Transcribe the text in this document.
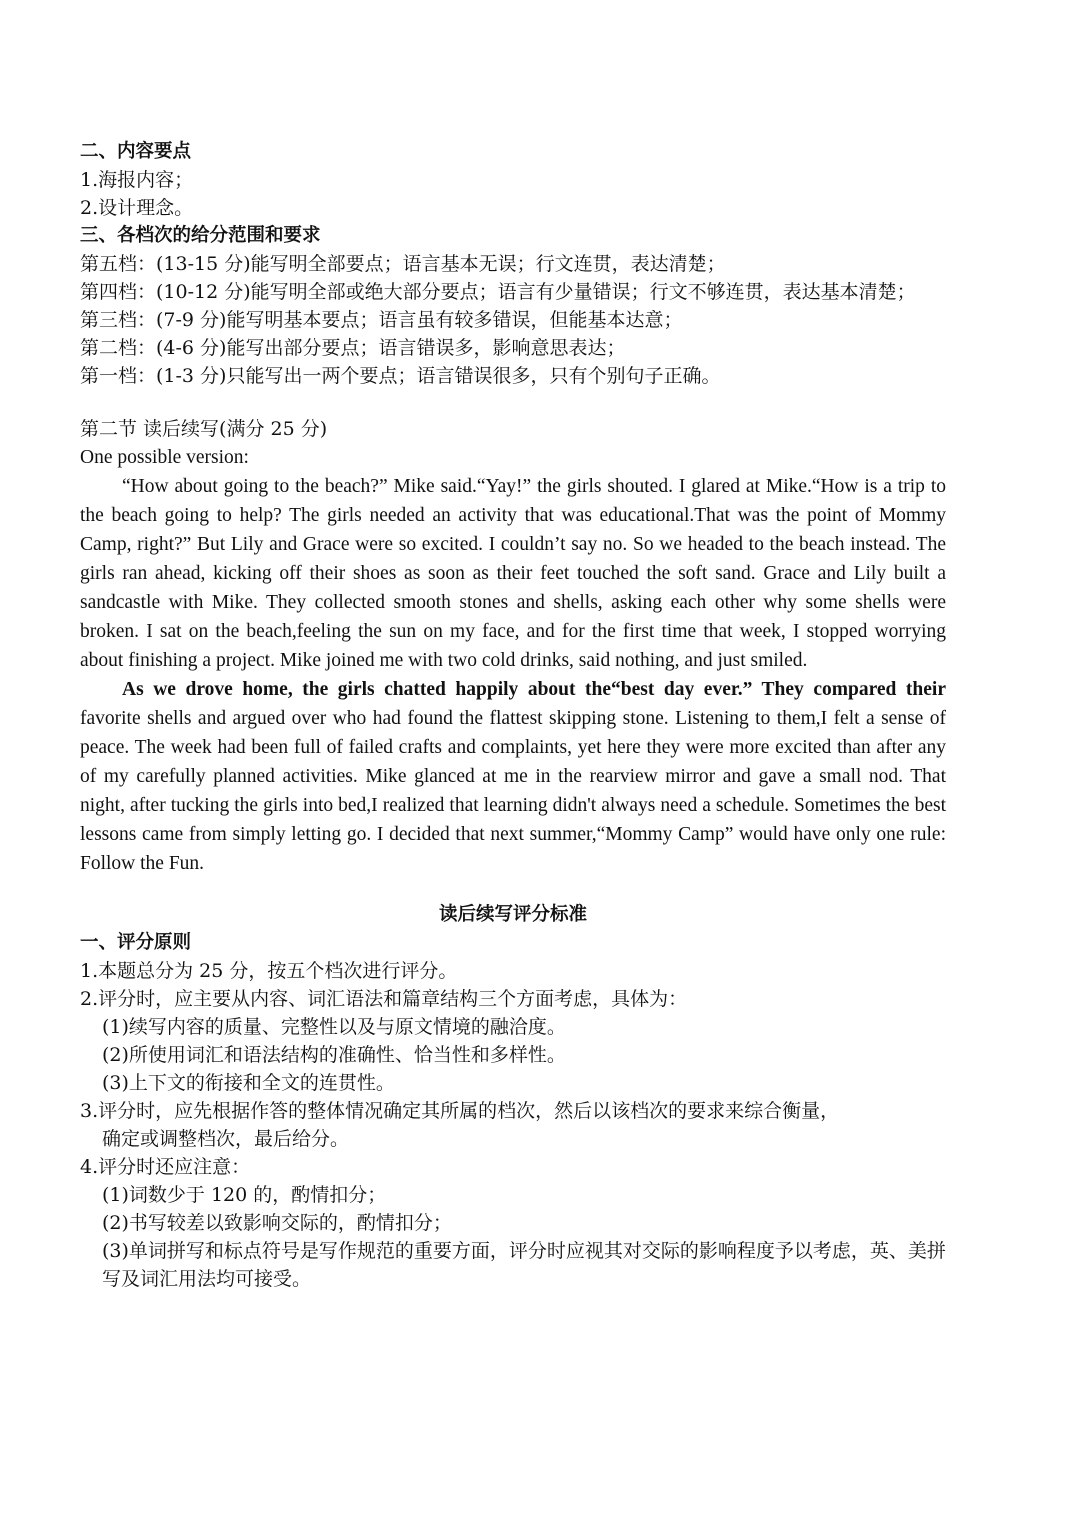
二、内容要点
1.海报内容；
2.设计理念。
三、各档次的给分范围和要求
第五档：(13-15 分)能写明全部要点；语言基本无误；行文连贯，表达清楚；
第四档：(10-12 分)能写明全部或绝大部分要点；语言有少量错误；行文不够连贯，表达基本清楚；
第三档：(7-9 分)能写明基本要点；语言虽有较多错误，但能基本达意；
第二档：(4-6 分)能写出部分要点；语言错误多，影响意思表达；
第一档：(1-3 分)只能写出一两个要点；语言错误很多，只有个别句子正确。
第二节 读后续写(满分 25 分)
One possible version:
“How about going to the beach?” Mike said.“Yay!” the girls shouted. I glared at Mike.“How is a trip to the beach going to help? The girls needed an activity that was educational.That was the point of Mommy Camp, right?” But Lily and Grace were so excited. I couldn’t say no. So we headed to the beach instead. The girls ran ahead, kicking off their shoes as soon as their feet touched the soft sand. Grace and Lily built a sandcastle with Mike. They collected smooth stones and shells, asking each other why some shells were broken. I sat on the beach,feeling the sun on my face, and for the first time that week, I stopped worrying about finishing a project. Mike joined me with two cold drinks, said nothing, and just smiled.
As we drove home, the girls chatted happily about the“best day ever.” They compared their favorite shells and argued over who had found the flattest skipping stone. Listening to them,I felt a sense of peace. The week had been full of failed crafts and complaints, yet here they were more excited than after any of my carefully planned activities. Mike glanced at me in the rearview mirror and gave a small nod. That night, after tucking the girls into bed,I realized that learning didn't always need a schedule. Sometimes the best lessons came from simply letting go. I decided that next summer,“Mommy Camp” would have only one rule: Follow the Fun.
读后续写评分标准
一、评分原则
1.本题总分为 25 分，按五个档次进行评分。
2.评分时，应主要从内容、词汇语法和篇章结构三个方面考虑，具体为：
(1)续写内容的质量、完整性以及与原文情境的融洽度。
(2)所使用词汇和语法结构的准确性、恰当性和多样性。
(3)上下文的衔接和全文的连贯性。
3.评分时，应先根据作答的整体情况确定其所属的档次，然后以该档次的要求来综合衡量，
确定或调整档次，最后给分。
4.评分时还应注意：
(1)词数少于 120 的，酌情扣分；
(2)书写较差以致影响交际的，酌情扣分；
(3)单词拼写和标点符号是写作规范的重要方面，评分时应视其对交际的影响程度予以考虑，英、美拼写及词汇用法均可接受。
